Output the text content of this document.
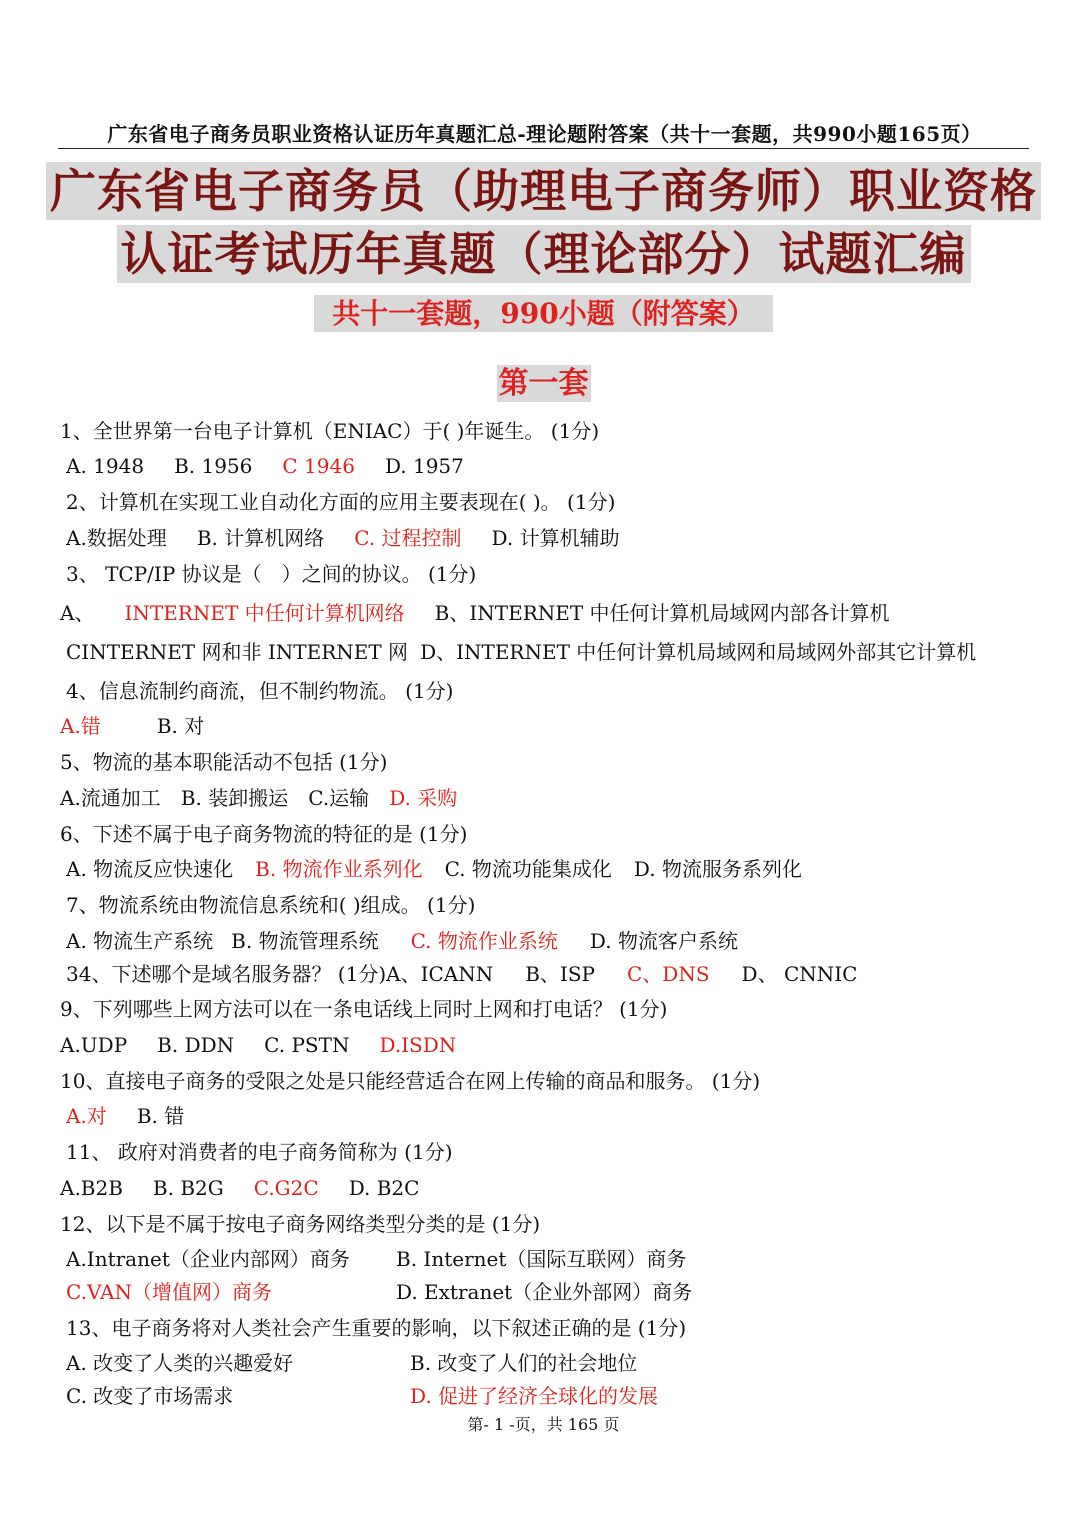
广东省电子商务员职业资格认证历年真题汇总-理论题附答案（共十一套题，共990小题165页）
广东省电子商务员（助理电子商务师）职业资格
认证考试历年真题（理论部分）试题汇编
共十一套题，990小题（附答案）
第一套
1、全世界第一台电子计算机（ENIAC）于( )年诞生。 (1分)
A. 1948 B. 1956 C 1946 D. 1957
2、计算机在实现工业自动化方面的应用主要表现在( )。 (1分)
A.数据处理 B. 计算机网络 C. 过程控制 D. 计算机辅助
3、 TCP/IP 协议是（　）之间的协议。 (1分)
A、 INTERNET 中任何计算机网络 B、INTERNET 中任何计算机局域网内部各计算机
CINTERNET 网和非 INTERNET 网 D、INTERNET 中任何计算机局域网和局域网外部其它计算机
4、信息流制约商流，但不制约物流。 (1分)
A.错	B. 对
5、物流的基本职能活动不包括 (1分)
A.流通加工 B. 装卸搬运 C.运输 D. 采购
6、下述不属于电子商务物流的特征的是 (1分)
A. 物流反应快速化 B. 物流作业系列化 C. 物流功能集成化 D. 物流服务系列化
7、物流系统由物流信息系统和( )组成。 (1分)
A. 物流生产系统 B. 物流管理系统 C. 物流作业系统 D. 物流客户系统
34、下述哪个是域名服务器？ (1分)A、ICANN B、ISP C、DNS D、 CNNIC
9、下列哪些上网方法可以在一条电话线上同时上网和打电话？ (1分)
A.UDP B. DDN C. PSTN D.ISDN
10、直接电子商务的受限之处是只能经营适合在网上传输的商品和服务。 (1分)
A.对 B. 错
11、 政府对消费者的电子商务简称为 (1分)
A.B2B B. B2G C.G2C D. B2C
12、以下是不属于按电子商务网络类型分类的是 (1分)
A.Intranet（企业内部网）商务 B. Internet（国际互联网）商务
C.VAN（增值网）商务	D. Extranet（企业外部网）商务
13、电子商务将对人类社会产生重要的影响，以下叙述正确的是 (1分)
A. 改变了人类的兴趣爱好	B. 改变了人们的社会地位
C. 改变了市场需求	D. 促进了经济全球化的发展
第- 1 -页，共 165 页
